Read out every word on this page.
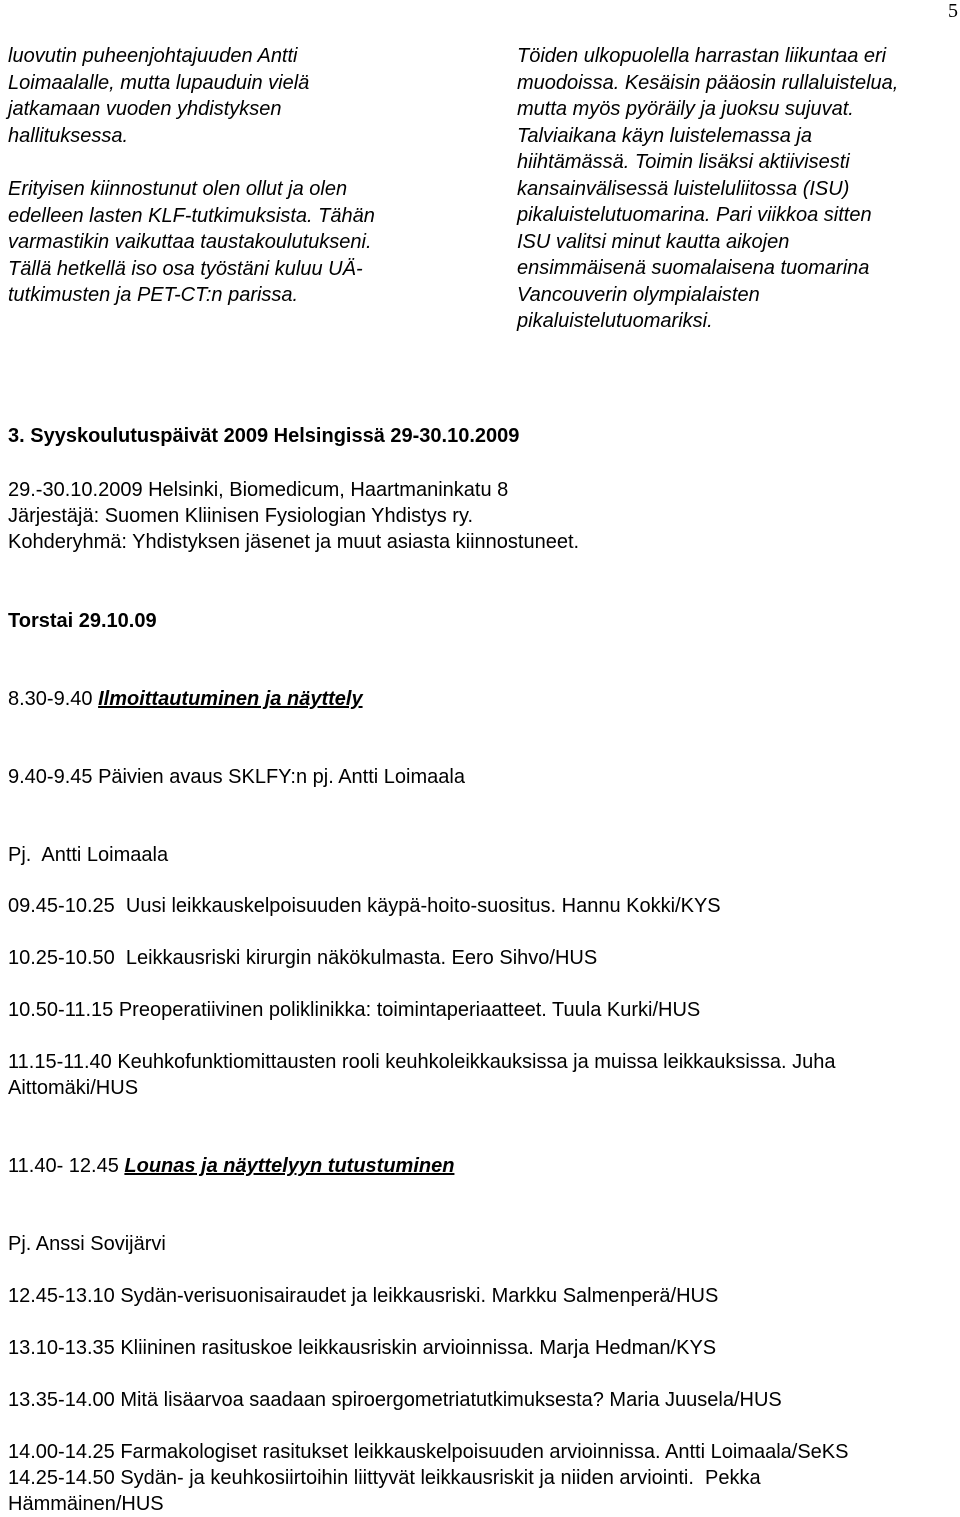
5

luovutin puheenjohtajuuden Antti
Loimaalalle, mutta lupauduin vielä
jatkamaan vuoden yhdistyksen
hallituksessa.

Erityisen kiinnostunut olen ollut ja olen
edelleen lasten KLF-tutkimuksista. Tähän
varmastikin vaikuttaa taustakoulutukseni.
Tällä hetkellä iso osa työstäni kuluu UÄ-
tutkimusten ja PET-CT:n parissa.

Töiden ulkopuolella harrastan liikuntaa eri
muodoissa. Kesäisin pääosin rullaluistelua,
mutta myös pyöräily ja juoksu sujuvat.
Talviaikana käyn luistelemassa ja
hiihtämässä. Toimin lisäksi aktiivisesti
kansainvälisessä luisteluliitossa (ISU)
pikaluistelutuomarina. Pari viikkoa sitten
ISU valitsi minut kautta aikojen
ensimmäisenä suomalaisena tuomarina
Vancouverin olympialaisten
pikaluistelutuomariksi.

3. Syyskoulutuspäivät 2009 Helsingissä 29-30.10.2009
29.-30.10.2009 Helsinki, Biomedicum, Haartmaninkatu 8
Järjestäjä: Suomen Kliinisen Fysiologian Yhdistys ry.
Kohderyhmä: Yhdistyksen jäsenet ja muut asiasta kiinnostuneet.
Torstai 29.10.09
8.30-9.40 Ilmoittautuminen ja näyttely
9.40-9.45 Päivien avaus SKLFY:n pj. Antti Loimaala
Pj.  Antti Loimaala
09.45-10.25  Uusi leikkauskelpoisuuden käypä-hoito-suositus. Hannu Kokki/KYS
10.25-10.50  Leikkausriski kirurgin näkökulmasta. Eero Sihvo/HUS
10.50-11.15 Preoperatiivinen poliklinikka: toimintaperiaatteet. Tuula Kurki/HUS
11.15-11.40 Keuhkofunktiomittausten rooli keuhkoleikkauksissa ja muissa leikkauksissa. Juha
Aittomäki/HUS
11.40- 12.45 Lounas ja näyttelyyn tutustuminen
Pj. Anssi Sovijärvi
12.45-13.10 Sydän-verisuonisairaudet ja leikkausriski. Markku Salmenperä/HUS
13.10-13.35 Kliininen rasituskoe leikkausriskin arvioinnissa. Marja Hedman/KYS
13.35-14.00 Mitä lisäarvoa saadaan spiroergometriatutkimuksesta? Maria Juusela/HUS
14.00-14.25 Farmakologiset rasitukset leikkauskelpoisuuden arvioinnissa. Antti Loimaala/SeKS
14.25-14.50 Sydän- ja keuhkosiirtoihin liittyvät leikkausriskit ja niiden arviointi.  Pekka
Hämmäinen/HUS
